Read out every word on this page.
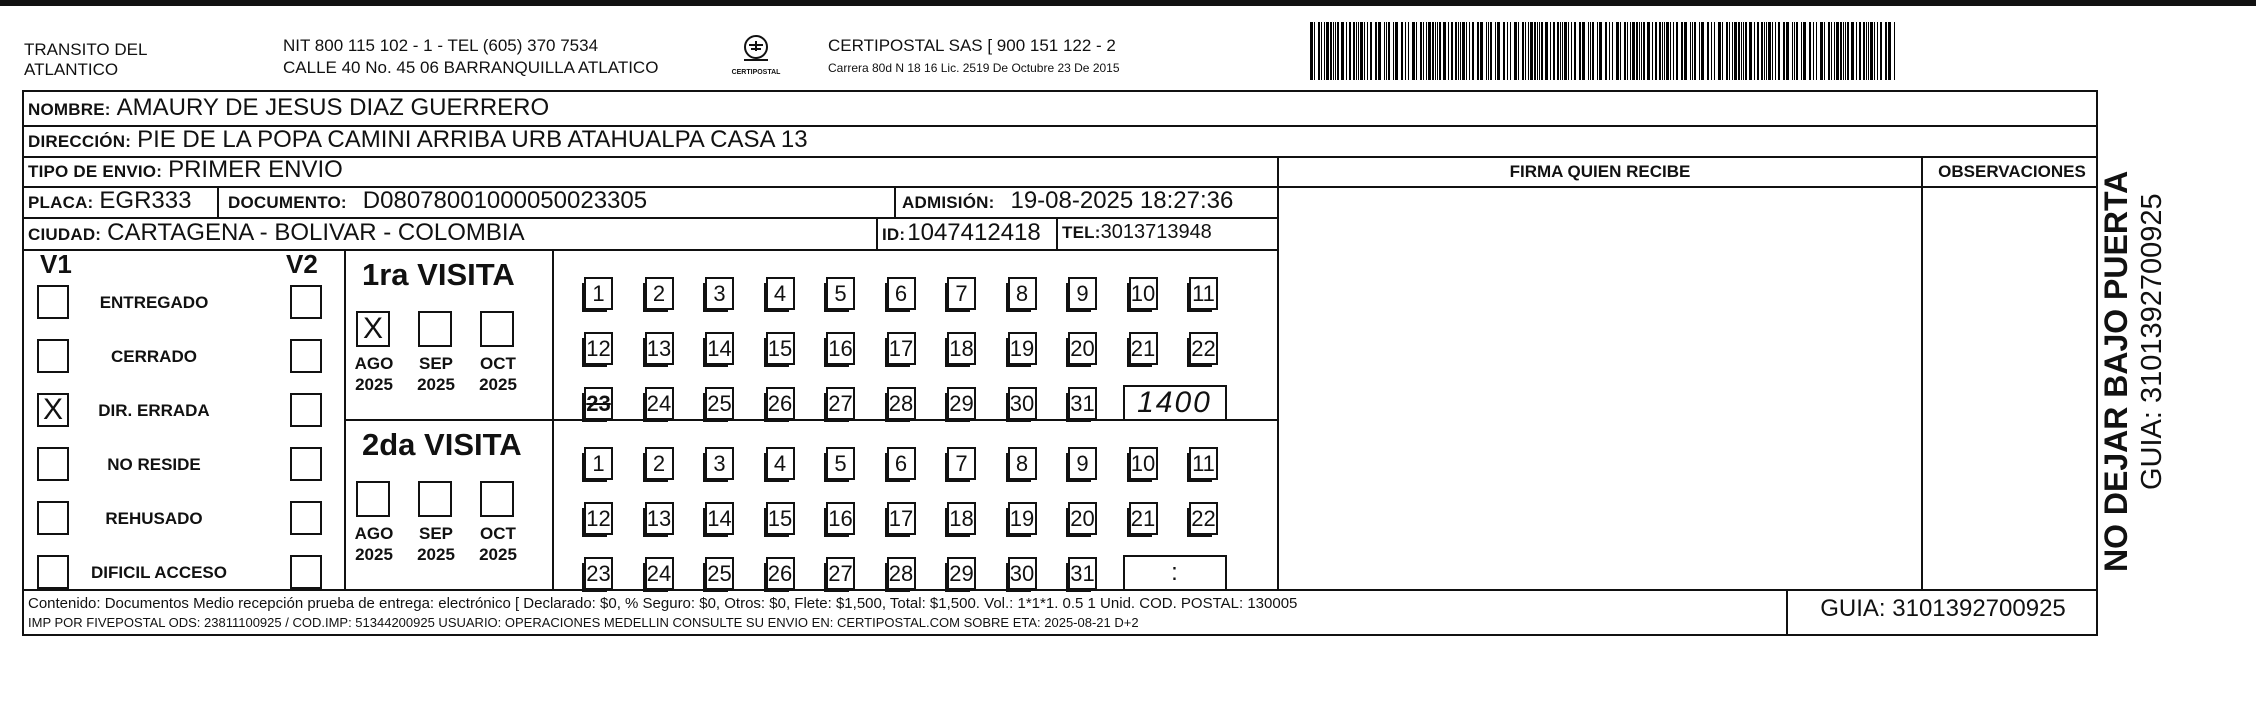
TRANSITO DEL
ATLANTICO
NIT 800 115 102 - 1 - TEL (605) 370 7534
CALLE 40 No. 45 06 BARRANQUILLA ATLATICO	CERTIPOSTAL
CERTIPOSTAL SAS [ 900 151 122 - 2
Carrera 80d N 18 16 Lic. 2519 De Octubre 23 De 2015
NOMBRE: AMAURY DE JESUS DIAZ GUERRERO
DIRECCIÓN: PIE DE LA POPA CAMINI ARRIBA URB ATAHUALPA CASA 13
TIPO DE ENVIO: PRIMER ENVIO
PLACA: EGR333 DOCUMENTO: D08078001000050023305	ADMISIÓN: 19-08-2025 18:27:36
CIUDAD: CARTAGENA - BOLIVAR - COLOMBIA	ID: 1047412418 TEL: 3013713948
FIRMA QUIEN RECIBE	OBSERVACIONES
V1	V2
ENTREGADO
CERRADO
X	DIR. ERRADA
NO RESIDE
REHUSADO
DIFICIL ACCESO
1ra VISITA
X
AGO
2025
SEP
2025
OCT
2025
2da VISITA
AGO
2025
SEP
2025
OCT
2025
1	2	3	4	5	6	7	8	9	10 11
12 13 14 15 16 17 18 19 20 21 22
23 24 25 26 27 28 29 30 31	1400
1	2	3	4	5	6	7	8	9	10 11
12 13 14 15 16 17 18 19 20 21 22
23 24 25 26 27 28 29 30 31	:
Contenido: Documentos Medio recepción prueba de entrega: electrónico [ Declarado: $0, % Seguro: $0, Otros: $0, Flete: $1,500, Total: $1,500. Vol.: 1*1*1. 0.5 1 Unid. COD. POSTAL: 130005
IMP POR FIVEPOSTAL ODS: 23811100925 / COD.IMP: 51344200925 USUARIO: OPERACIONES MEDELLIN CONSULTE SU ENVIO EN: CERTIPOSTAL.COM SOBRE ETA: 2025-08-21 D+2
GUIA: 3101392700925
NO DEJAR BAJO PUERTA GUIA: 3101392700925
